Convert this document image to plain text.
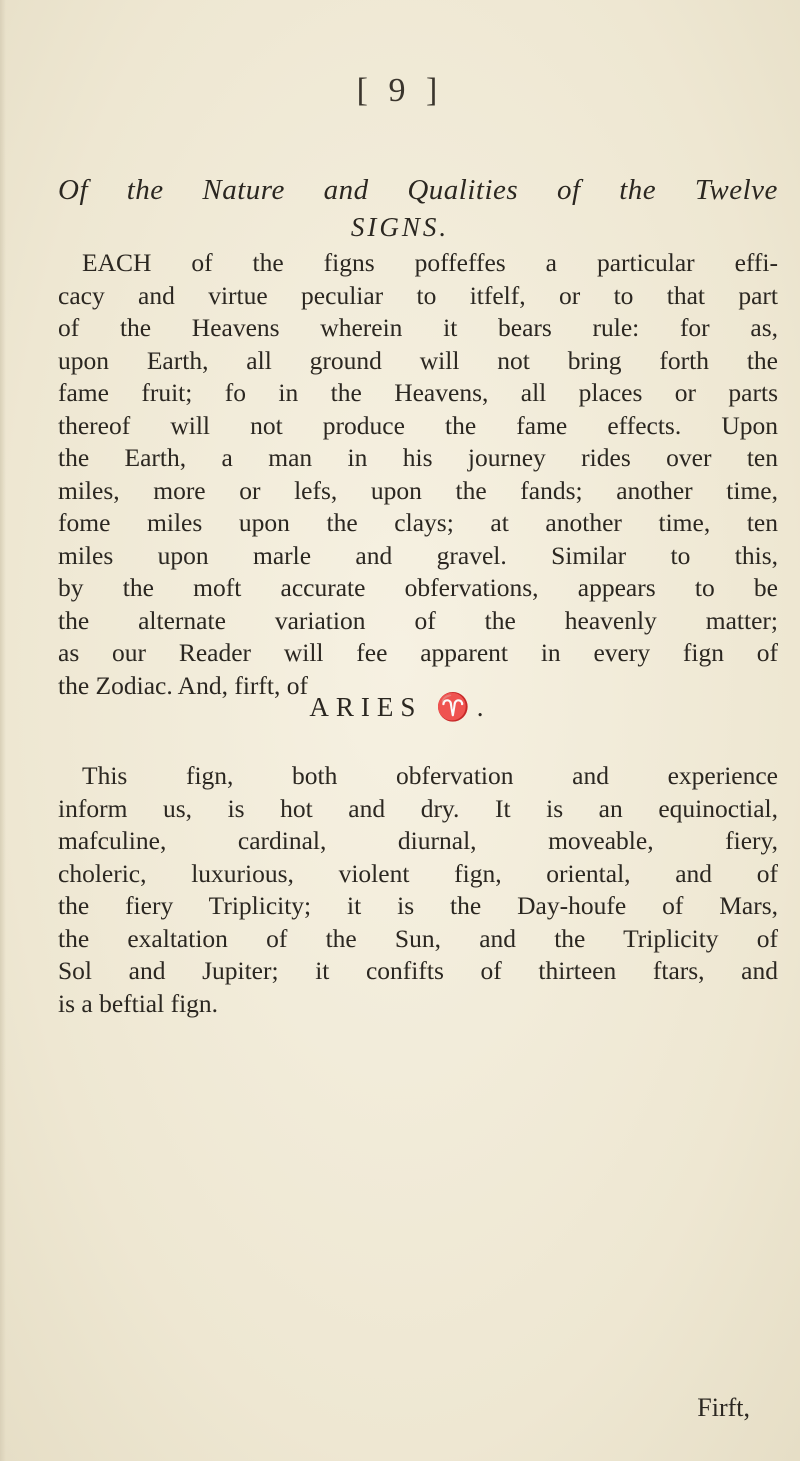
[ 9 ]
Of the Nature and Qualities of the Twelve
SIGNS.
EACH of the figns poffeffes a particular effi-
cacy and virtue peculiar to itfelf, or to that part
of the Heavens wherein it bears rule: for as,
upon Earth, all ground will not bring forth the
fame fruit; fo in the Heavens, all places or parts
thereof will not produce the fame effects. Upon
the Earth, a man in his journey rides over ten
miles, more or lefs, upon the fands; another time,
fome miles upon the clays; at another time, ten
miles upon marle and gravel. Similar to this,
by the moft accurate obfervations, appears to be
the alternate variation of the heavenly matter;
as our Reader will fee apparent in every fign of
the Zodiac. And, firft, of
ARIES ♈.
This fign, both obfervation and experience
inform us, is hot and dry. It is an equinoctial,
mafculine, cardinal, diurnal, moveable, fiery,
choleric, luxurious, violent fign, oriental, and of
the fiery Triplicity; it is the Day-houfe of Mars,
the exaltation of the Sun, and the Triplicity of
Sol and Jupiter; it confifts of thirteen ftars, and
is a beftial fign.
Firft,
